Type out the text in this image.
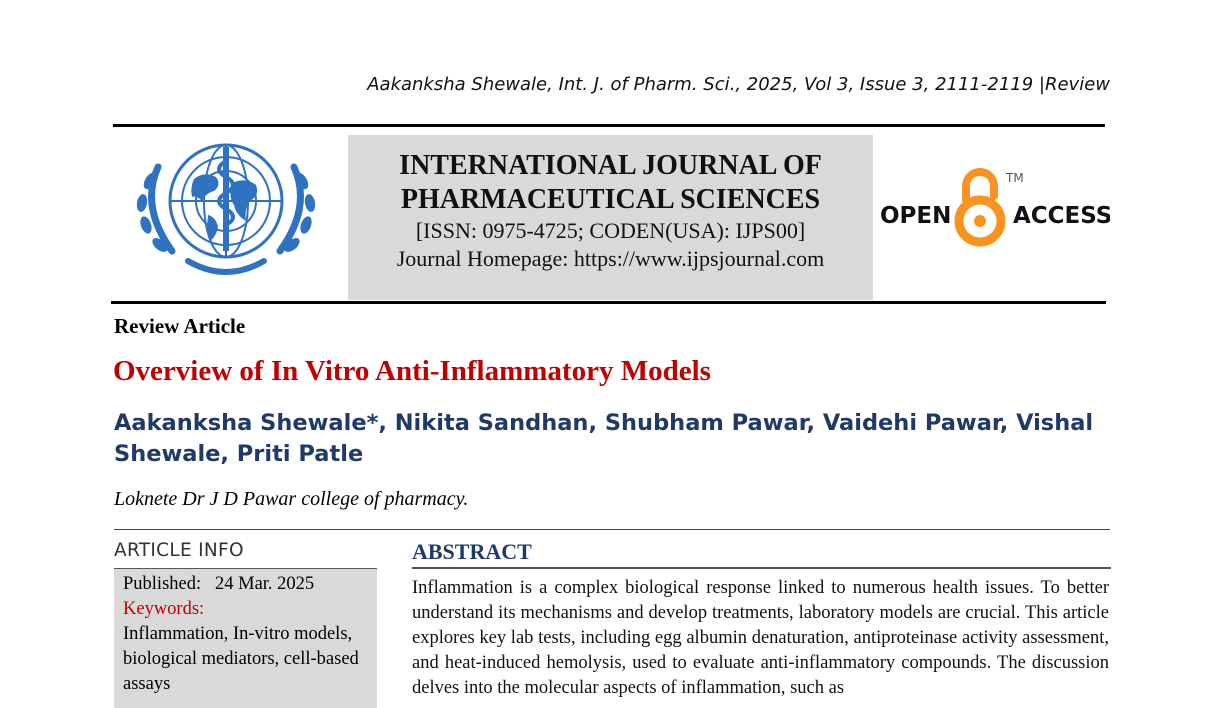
Aakanksha Shewale, Int. J. of Pharm. Sci., 2025, Vol 3, Issue 3, 2111-2119 |Review
INTERNATIONAL JOURNAL OF
PHARMACEUTICAL SCIENCES
[ISSN: 0975-4725; CODEN(USA): IJPS00]
Journal Homepage: https://www.ijpsjournal.com
OPEN	ACCESS
TM
Review Article
Overview of In Vitro Anti-Inflammatory Models
Aakanksha Shewale*, Nikita Sandhan, Shubham Pawar, Vaidehi Pawar, Vishal Shewale, Priti Patle
Loknete Dr J D Pawar college of pharmacy.
ARTICLE INFO
Published: 24 Mar. 2025
Keywords:
Inflammation, In-vitro models, biological mediators, cell-based assays
ABSTRACT
Inflammation is a complex biological response linked to numerous health issues. To better understand its mechanisms and develop treatments, laboratory models are crucial. This article explores key lab tests, including egg albumin denaturation, antiproteinase activity assessment, and heat-induced hemolysis, used to evaluate anti-inflammatory compounds. The discussion delves into the molecular aspects of inflammation, such as
